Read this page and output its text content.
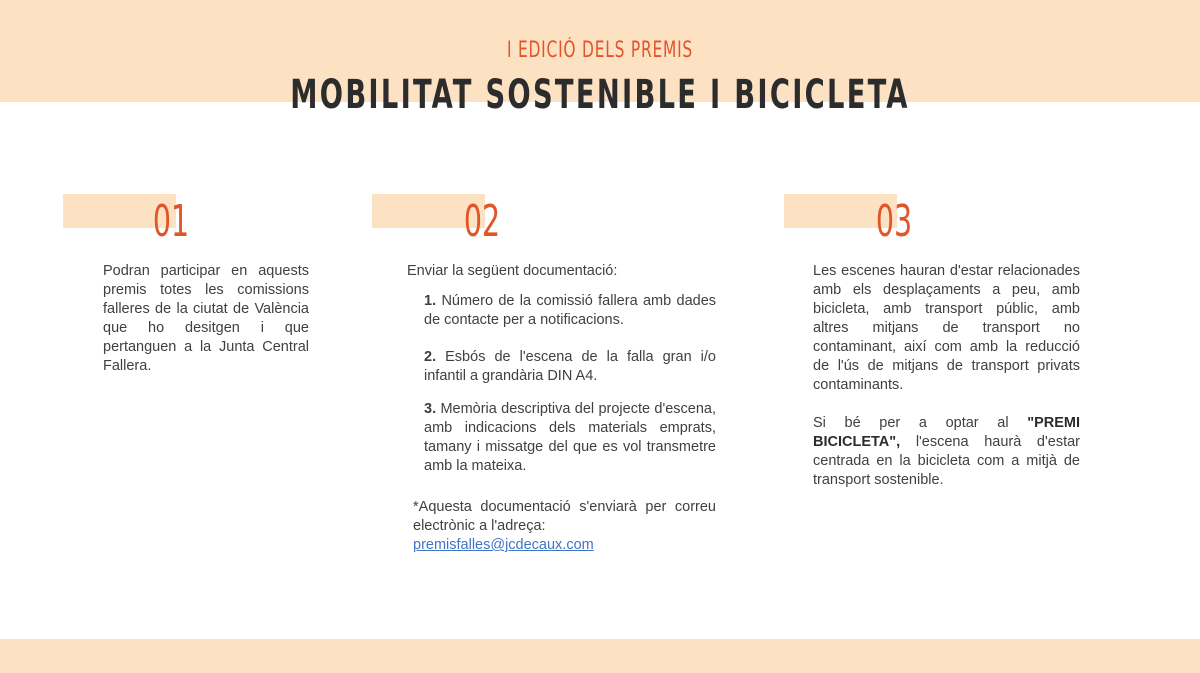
I EDICIÓ DELS PREMIS
MOBILITAT SOSTENIBLE I BICICLETA
01

Podran participar en aquests premis totes les comissions falleres de la ciutat de València que ho desitgen i que pertanguen a la Junta Central Fallera.

02

Enviar la següent documentació:

1. Número de la comissió fallera amb dades de contacte per a notificacions.
2. Esbós de l'escena de la falla gran i/o infantil a grandària DIN A4.
3. Memòria descriptiva del projecte d'escena, amb indicacions dels materials emprats, tamany i missatge del que es vol transmetre amb la mateixa.
*Aquesta documentació s'enviarà per correu electrònic a l'adreça:
premisfalles@jcdecaux.com
03

Les escenes hauran d'estar relacionades amb els desplaçaments a peu, amb bicicleta, amb transport públic, amb altres mitjans de transport no contaminant, així com amb la reducció de l'ús de mitjans de transport privats contaminants.

Si bé per a optar al "PREMI BICICLETA", l'escena haurà d'estar centrada en la bicicleta com a mitjà de transport sostenible.
